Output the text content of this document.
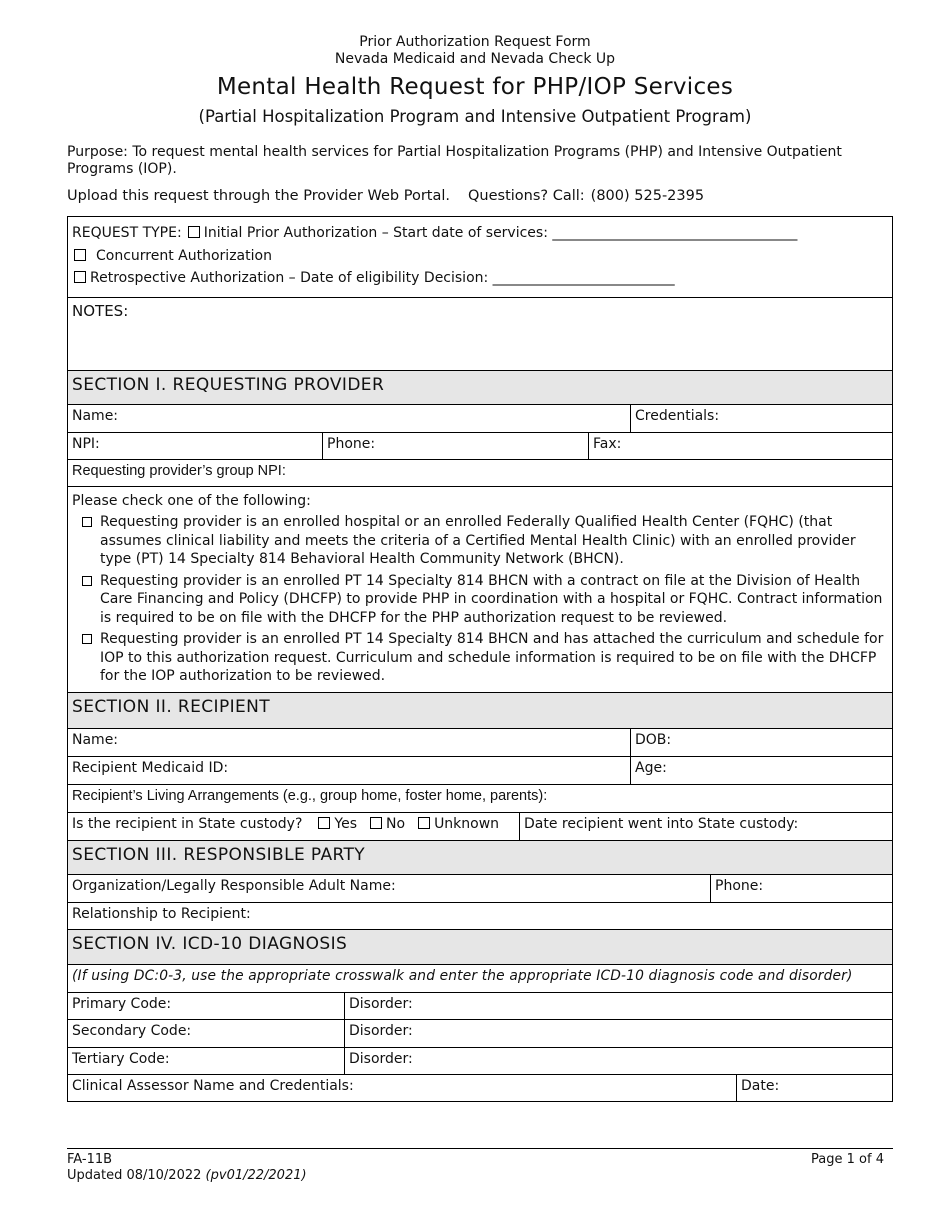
Prior Authorization Request Form
Nevada Medicaid and Nevada Check Up
Mental Health Request for PHP/IOP Services
(Partial Hospitalization Program and Intensive Outpatient Program)
Purpose: To request mental health services for Partial Hospitalization Programs (PHP) and Intensive Outpatient Programs (IOP).
Upload this request through the Provider Web Portal. Questions? Call: (800) 525-2395
REQUEST TYPE: Initial Prior Authorization – Start date of services: ___________________________________
Concurrent Authorization
Retrospective Authorization – Date of eligibility Decision: __________________________
NOTES:
SECTION I. REQUESTING PROVIDER
Name:	Credentials:
NPI:	Phone:	Fax:
Requesting provider’s group NPI:
Please check one of the following:
Requesting provider is an enrolled hospital or an enrolled Federally Qualified Health Center (FQHC) (that assumes clinical liability and meets the criteria of a Certified Mental Health Clinic) with an enrolled provider type (PT) 14 Specialty 814 Behavioral Health Community Network (BHCN).
Requesting provider is an enrolled PT 14 Specialty 814 BHCN with a contract on file at the Division of Health Care Financing and Policy (DHCFP) to provide PHP in coordination with a hospital or FQHC. Contract information is required to be on file with the DHCFP for the PHP authorization request to be reviewed.
Requesting provider is an enrolled PT 14 Specialty 814 BHCN and has attached the curriculum and schedule for IOP to this authorization request. Curriculum and schedule information is required to be on file with the DHCFP for the IOP authorization to be reviewed.
SECTION II. RECIPIENT
Name:	DOB:
Recipient Medicaid ID:	Age:
Recipient’s Living Arrangements (e.g., group home, foster home, parents):
Is the recipient in State custody? Yes No Unknown	Date recipient went into State custody:
SECTION III. RESPONSIBLE PARTY
Organization/Legally Responsible Adult Name:	Phone:
Relationship to Recipient:
SECTION IV. ICD-10 DIAGNOSIS
(If using DC:0-3, use the appropriate crosswalk and enter the appropriate ICD-10 diagnosis code and disorder)
Primary Code:	Disorder:
Secondary Code:	Disorder:
Tertiary Code:	Disorder:
Clinical Assessor Name and Credentials:	Date:
FA-11B
Updated 08/10/2022 (pv01/22/2021)
Page 1 of 4
